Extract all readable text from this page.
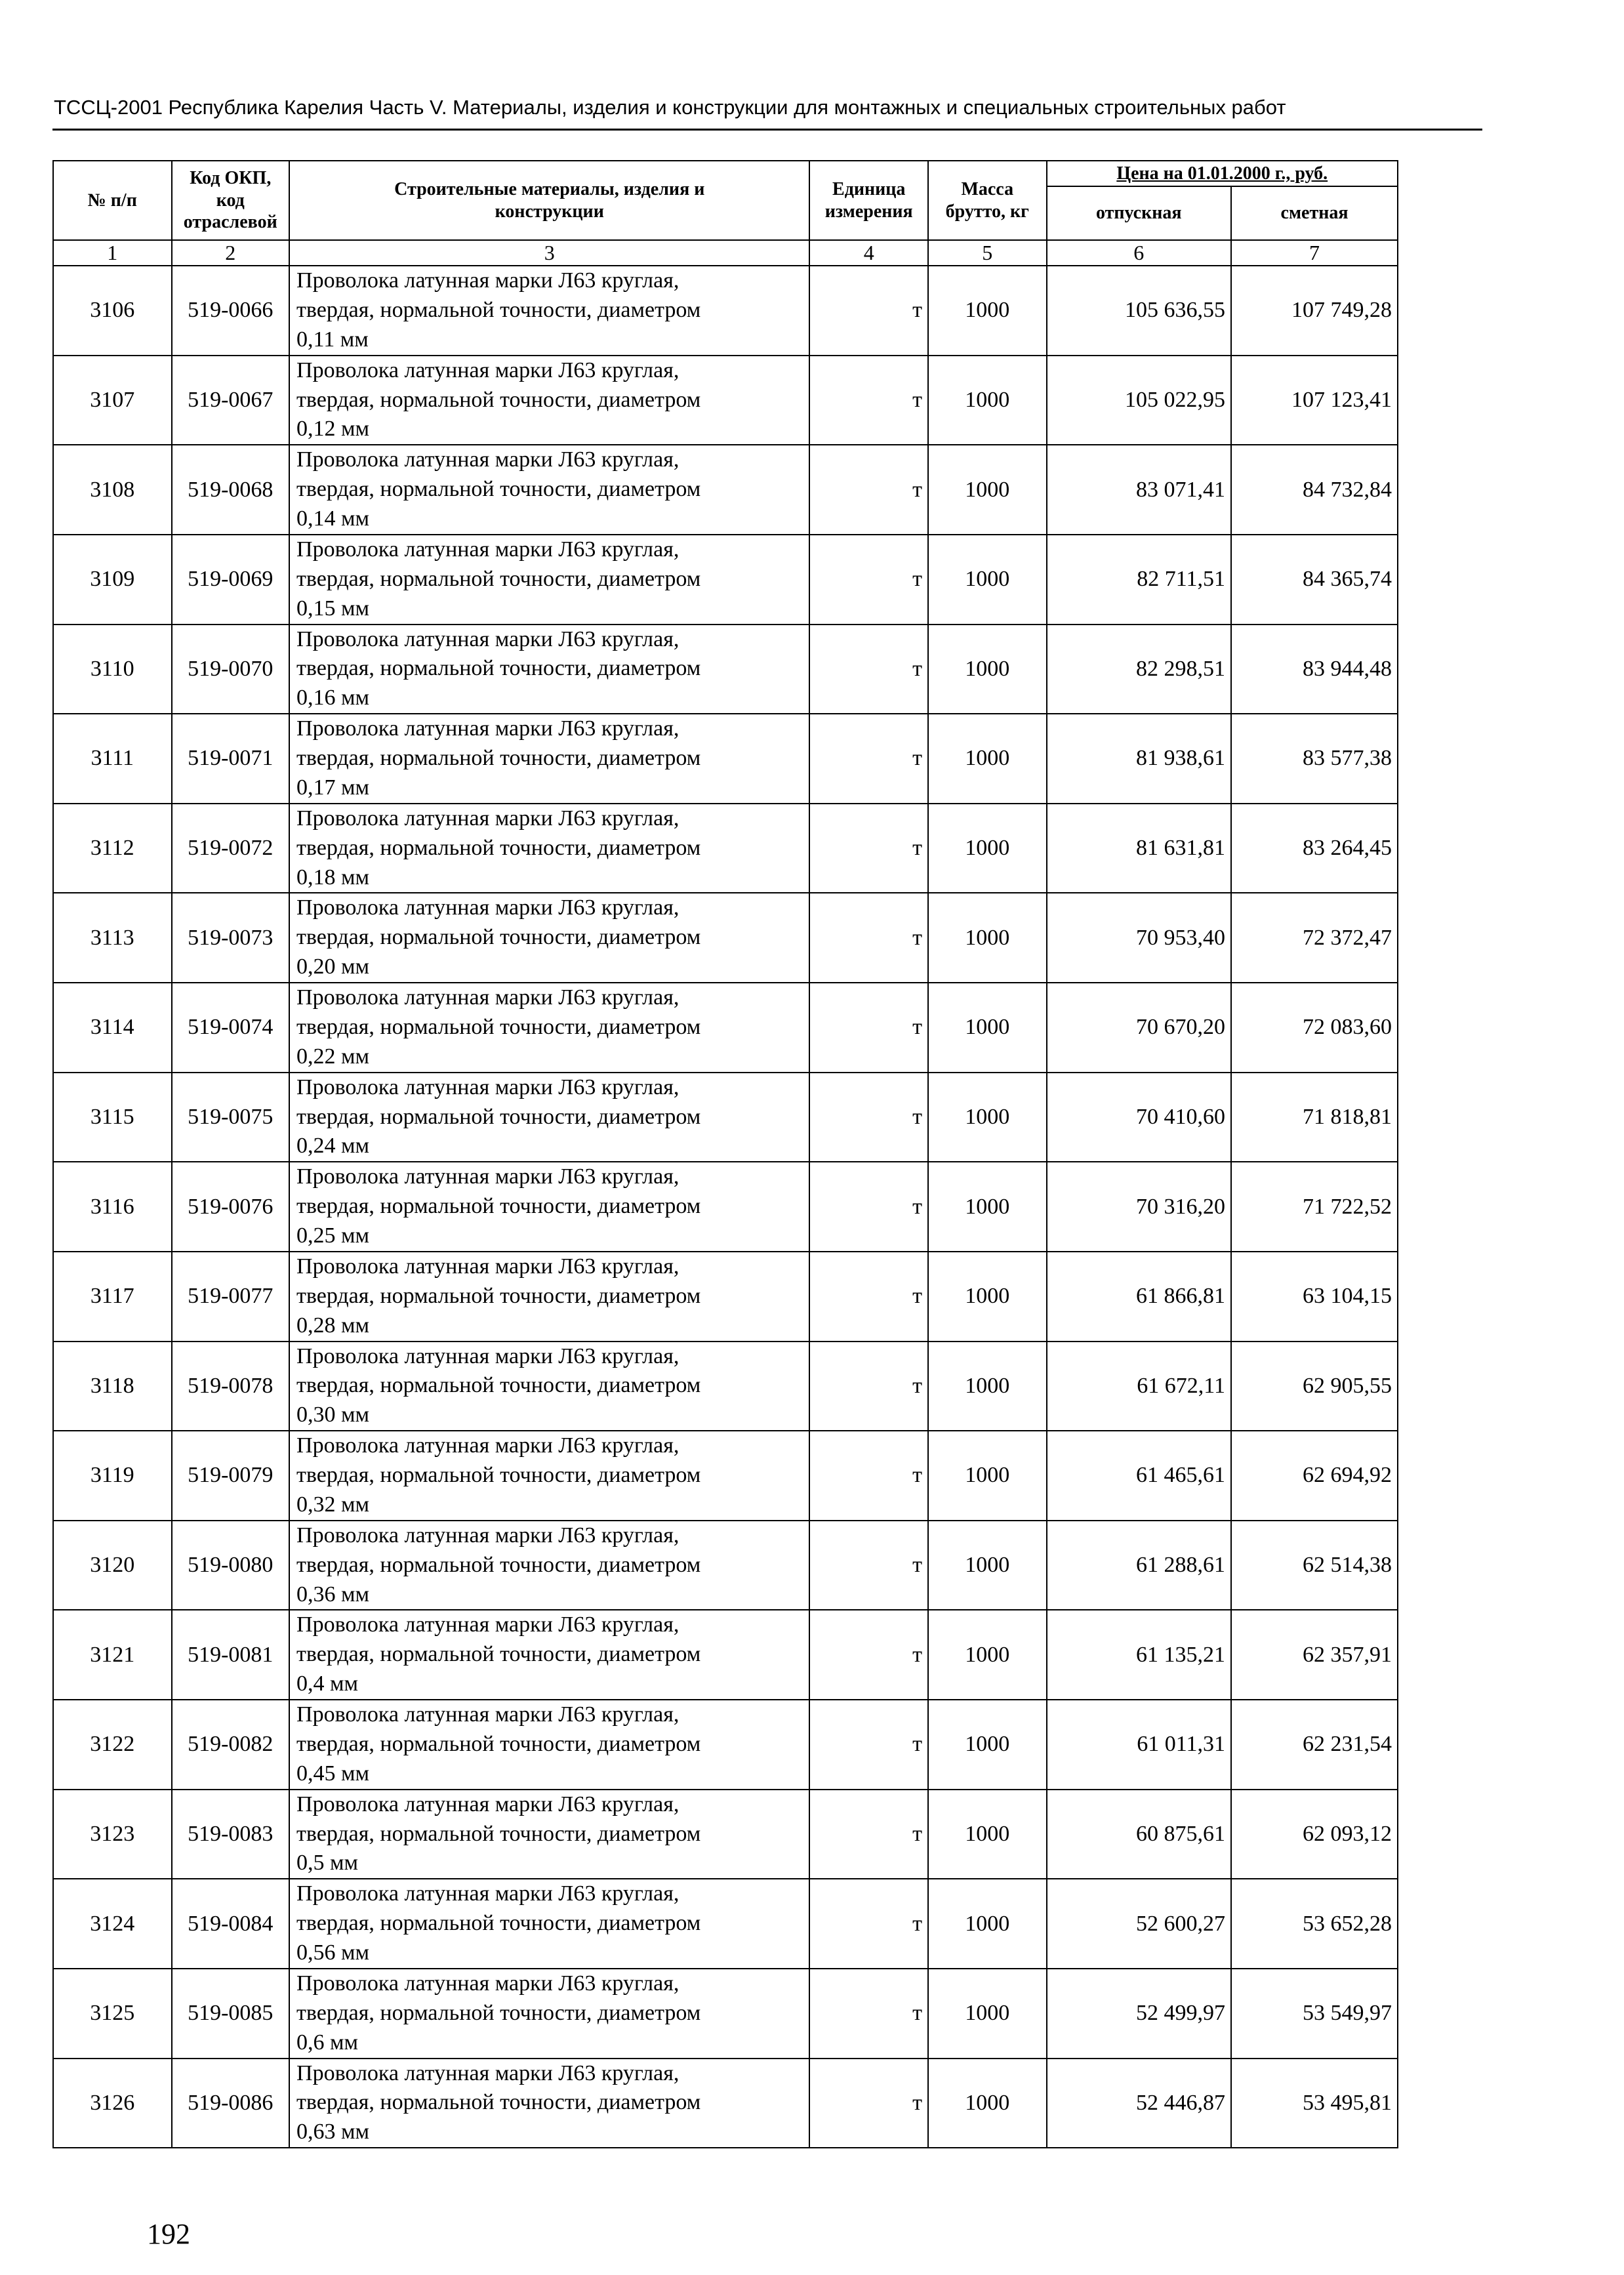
ТССЦ-2001 Республика Карелия Часть V. Материалы, изделия и конструкции для монтажных и специальных строительных работ
№ п/п	Код ОКП,
код
отраслевой	Строительные материалы, изделия и
конструкции	Единица
измерения	Масса
брутто, кг	Цена на 01.01.2000 г., руб.	
					отпускная	сметная
1	2	3	4	5	6	7
3106	519-0066	Проволока латунная марки Л63 круглая,
твердая, нормальной точности, диаметром
0,11 мм	т	1000	105 636,55	107 749,28
3107	519-0067	Проволока латунная марки Л63 круглая,
твердая, нормальной точности, диаметром
0,12 мм	т	1000	105 022,95	107 123,41
3108	519-0068	Проволока латунная марки Л63 круглая,
твердая, нормальной точности, диаметром
0,14 мм	т	1000	83 071,41	84 732,84
3109	519-0069	Проволока латунная марки Л63 круглая,
твердая, нормальной точности, диаметром
0,15 мм	т	1000	82 711,51	84 365,74
3110	519-0070	Проволока латунная марки Л63 круглая,
твердая, нормальной точности, диаметром
0,16 мм	т	1000	82 298,51	83 944,48
3111	519-0071	Проволока латунная марки Л63 круглая,
твердая, нормальной точности, диаметром
0,17 мм	т	1000	81 938,61	83 577,38
3112	519-0072	Проволока латунная марки Л63 круглая,
твердая, нормальной точности, диаметром
0,18 мм	т	1000	81 631,81	83 264,45
3113	519-0073	Проволока латунная марки Л63 круглая,
твердая, нормальной точности, диаметром
0,20 мм	т	1000	70 953,40	72 372,47
3114	519-0074	Проволока латунная марки Л63 круглая,
твердая, нормальной точности, диаметром
0,22 мм	т	1000	70 670,20	72 083,60
3115	519-0075	Проволока латунная марки Л63 круглая,
твердая, нормальной точности, диаметром
0,24 мм	т	1000	70 410,60	71 818,81
3116	519-0076	Проволока латунная марки Л63 круглая,
твердая, нормальной точности, диаметром
0,25 мм	т	1000	70 316,20	71 722,52
3117	519-0077	Проволока латунная марки Л63 круглая,
твердая, нормальной точности, диаметром
0,28 мм	т	1000	61 866,81	63 104,15
3118	519-0078	Проволока латунная марки Л63 круглая,
твердая, нормальной точности, диаметром
0,30 мм	т	1000	61 672,11	62 905,55
3119	519-0079	Проволока латунная марки Л63 круглая,
твердая, нормальной точности, диаметром
0,32 мм	т	1000	61 465,61	62 694,92
3120	519-0080	Проволока латунная марки Л63 круглая,
твердая, нормальной точности, диаметром
0,36 мм	т	1000	61 288,61	62 514,38
3121	519-0081	Проволока латунная марки Л63 круглая,
твердая, нормальной точности, диаметром
0,4 мм	т	1000	61 135,21	62 357,91
3122	519-0082	Проволока латунная марки Л63 круглая,
твердая, нормальной точности, диаметром
0,45 мм	т	1000	61 011,31	62 231,54
3123	519-0083	Проволока латунная марки Л63 круглая,
твердая, нормальной точности, диаметром
0,5 мм	т	1000	60 875,61	62 093,12
3124	519-0084	Проволока латунная марки Л63 круглая,
твердая, нормальной точности, диаметром
0,56 мм	т	1000	52 600,27	53 652,28
3125	519-0085	Проволока латунная марки Л63 круглая,
твердая, нормальной точности, диаметром
0,6 мм	т	1000	52 499,97	53 549,97
3126	519-0086	Проволока латунная марки Л63 круглая,
твердая, нормальной точности, диаметром
0,63 мм	т	1000	52 446,87	53 495,81
192
